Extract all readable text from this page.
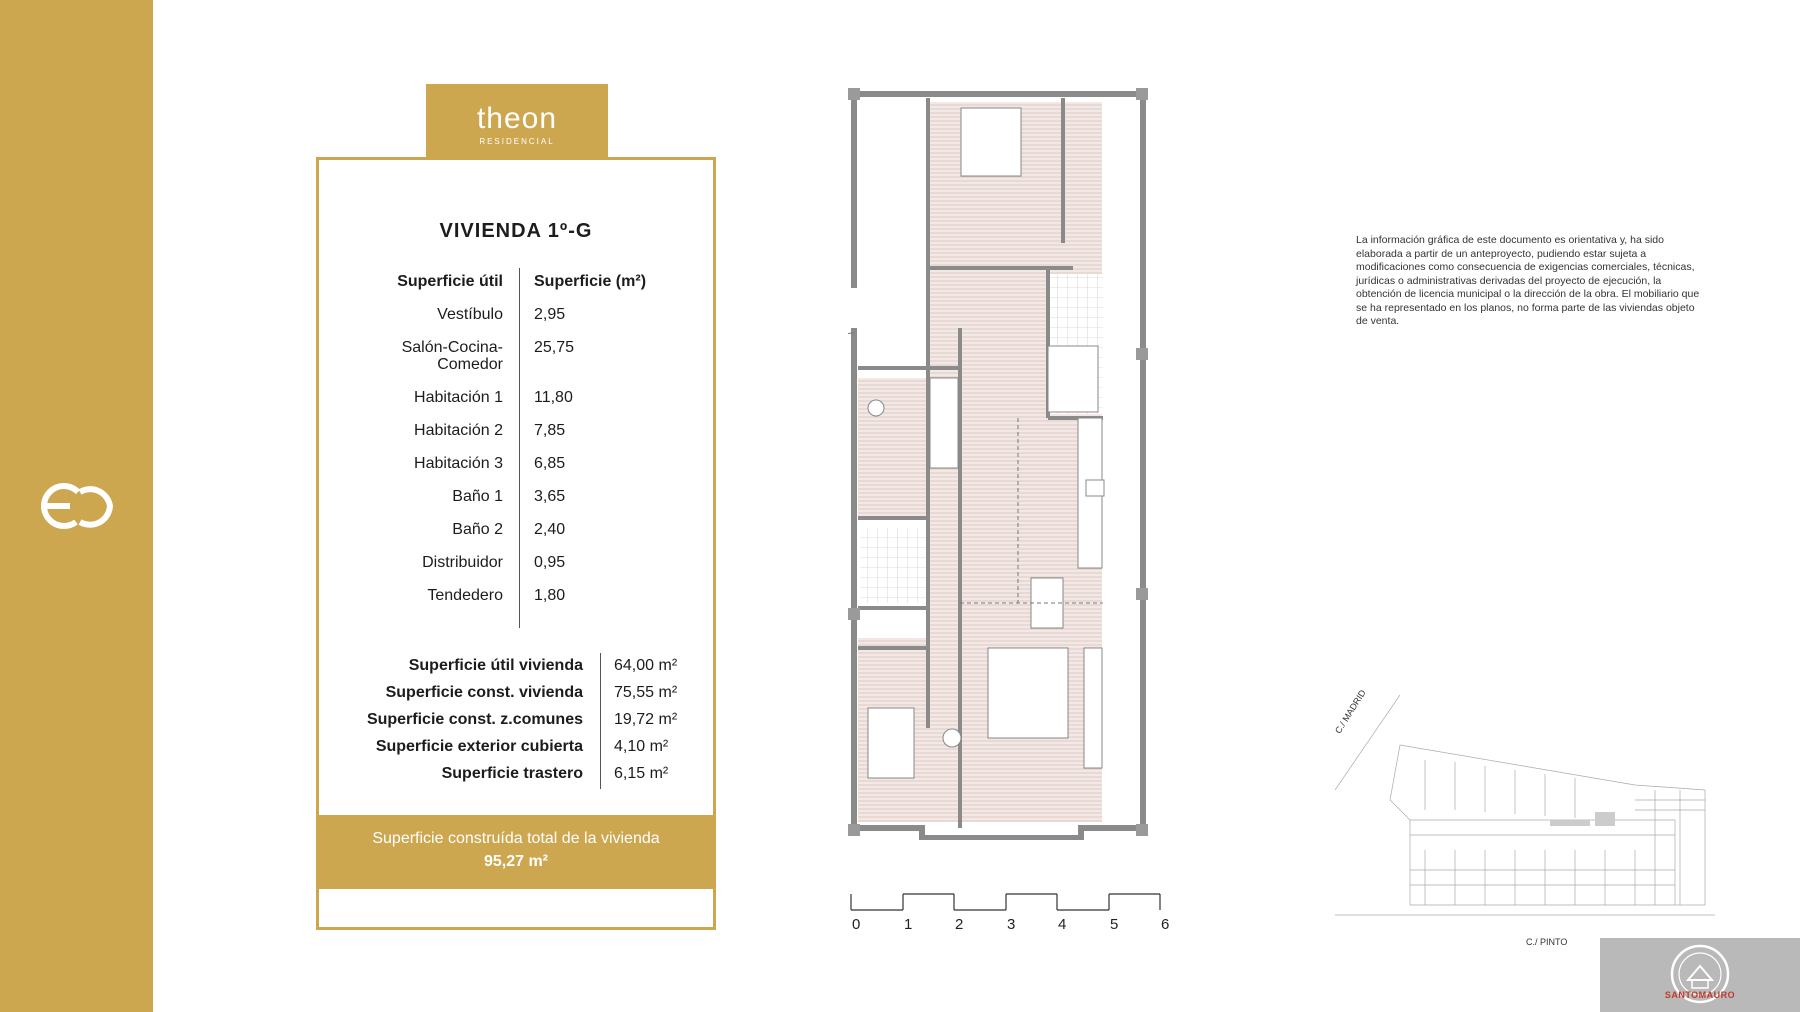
theon
RESIDENCIAL
VIVIENDA 1º-G
Superficie útil Superficie (m²)
Vestíbulo 2,95
Salón-Cocina-
Comedor
25,75
Habitación 1 11,80
Habitación 2 7,85
Habitación 3 6,85
Baño 1 3,65
Baño 2 2,40
Distribuidor 0,95
Tendedero 1,80
Superficie útil vivienda 64,00 m²
Superficie const. vivienda 75,55 m²
Superficie const. z.comunes 19,72 m²
Superficie exterior cubierta 4,10 m²
Superficie trastero 6,15 m²
Superficie construída total de la vivienda
95,27 m²
0	1	2	3	4	5	6
La información gráfica de este documento es orientativa y, ha sido elaborada a partir de un anteproyecto, pudiendo estar sujeta a modificaciones como consecuencia de exigencias comerciales, técnicas, jurídicas o administrativas derivadas del proyecto de ejecución, la obtención de licencia municipal o la dirección de la obra. El mobiliario que se ha representado en los planos, no forma parte de las viviendas objeto de venta.
C./ MADRID
C./ PINTO
SANTOMAURO
